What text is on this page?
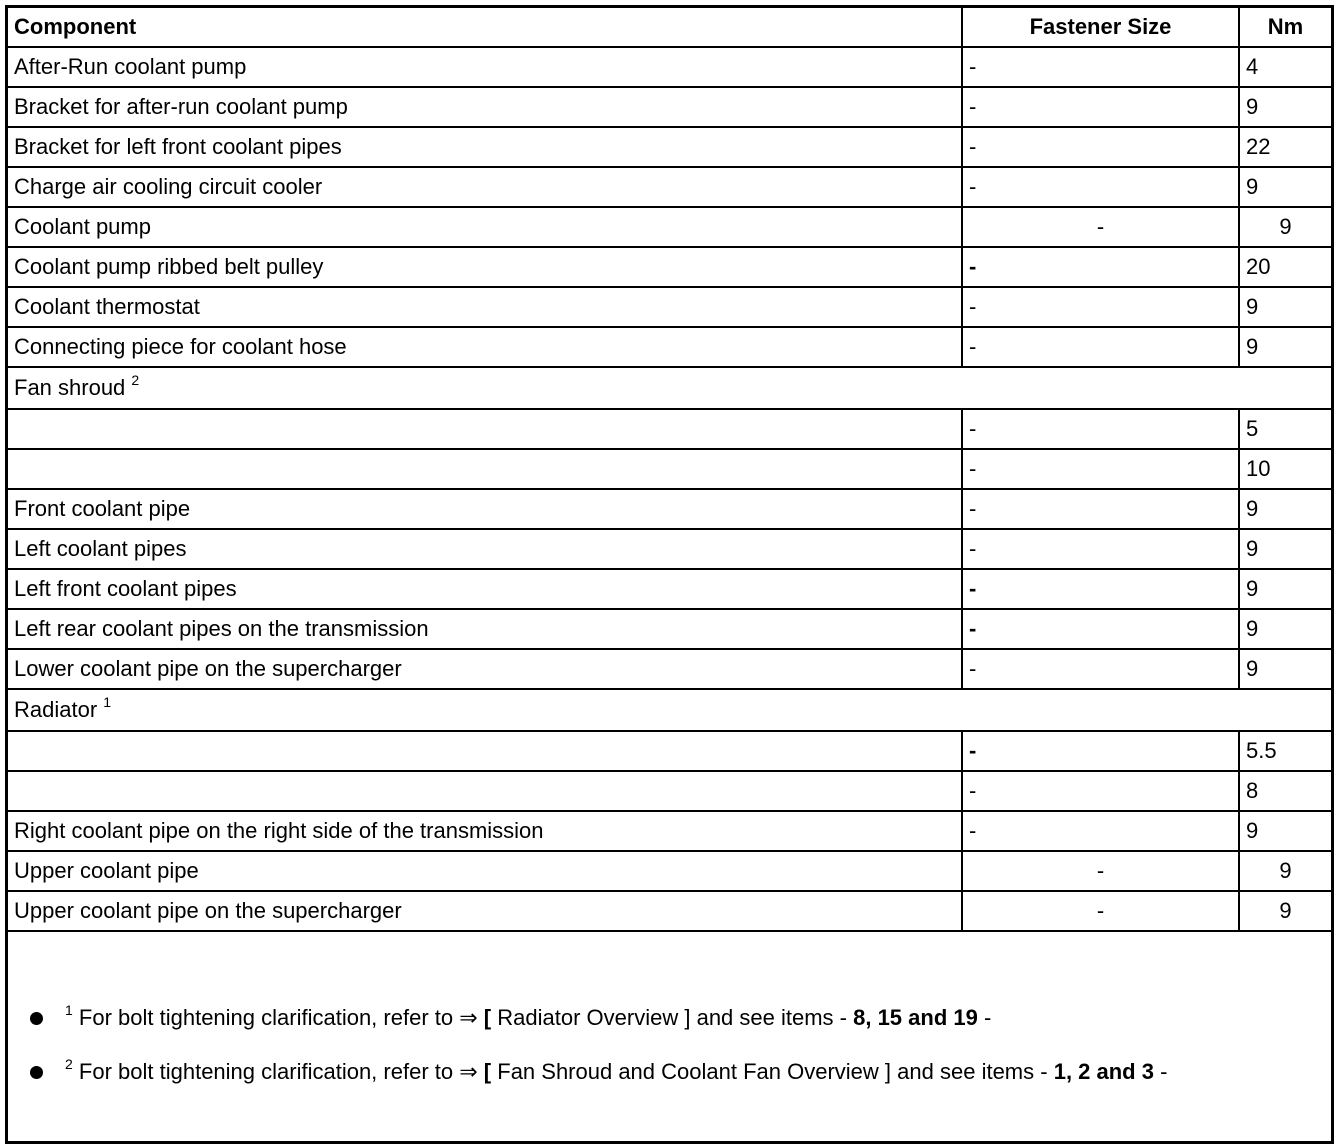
Component	Fastener Size	Nm
After-Run coolant pump	-	4
Bracket for after-run coolant pump	-	9
Bracket for left front coolant pipes	-	22
Charge air cooling circuit cooler	-	9
Coolant pump	-	9
Coolant pump ribbed belt pulley	-	20
Coolant thermostat	-	9
Connecting piece for coolant hose	-	9
Fan shroud $^2$
	-	5
	-	10
Front coolant pipe	-	9
Left coolant pipes	-	9
Left front coolant pipes	-	9
Left rear coolant pipes on the transmission	-	9
Lower coolant pipe on the supercharger	-	9
Radiator $^1$
	-	5.5
	-	8
Right coolant pipe on the right side of the transmission	-	9
Upper coolant pipe	-	9
Upper coolant pipe on the supercharger	-	9
$^1$ For bolt tightening clarification, refer to ⇒ [ Radiator Overview ] and see items - 8, 15 and 19 -
$^2$ For bolt tightening clarification, refer to ⇒ [ Fan Shroud and Coolant Fan Overview ] and see items - 1, 2 and 3 -
